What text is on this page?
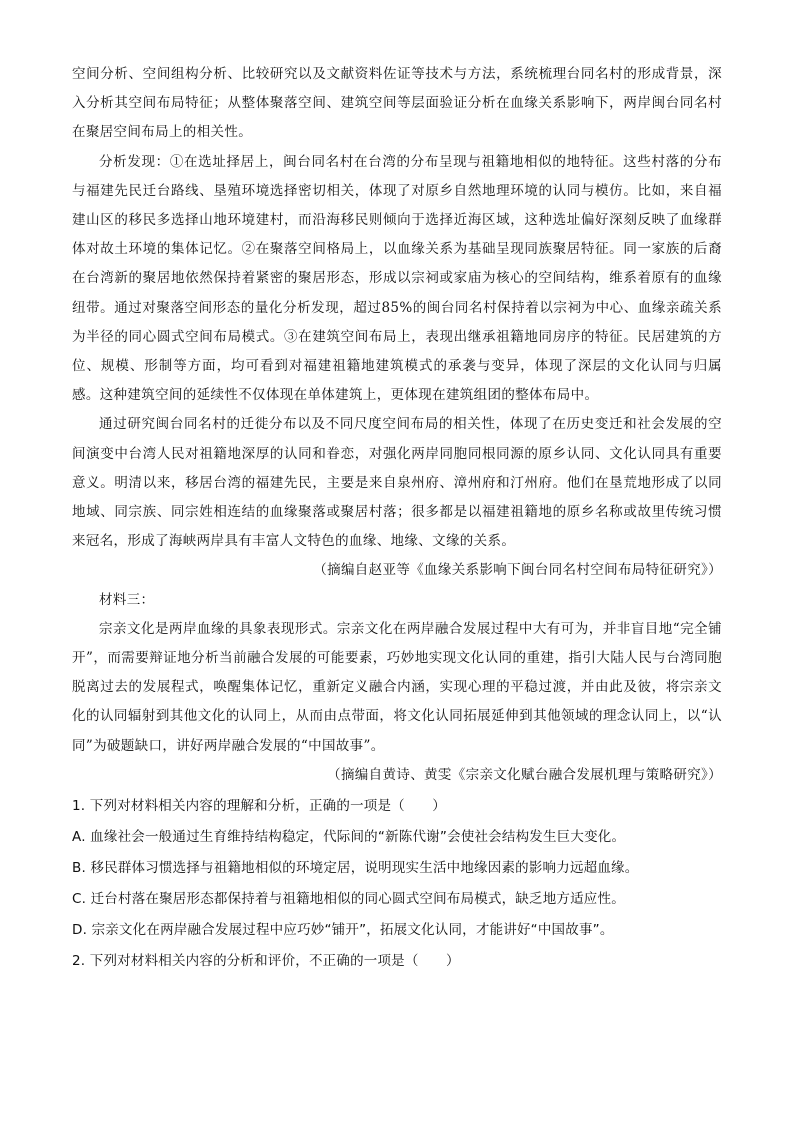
空间分析、空间组构分析、比较研究以及文献资料佐证等技术与方法，系统梳理台同名村的形成背景，深入分析其空间布局特征；从整体聚落空间、建筑空间等层面验证分析在血缘关系影响下，两岸闽台同名村在聚居空间布局上的相关性。

分析发现：①在选址择居上，闽台同名村在台湾的分布呈现与祖籍地相似的地特征。这些村落的分布与福建先民迁台路线、垦殖环境选择密切相关，体现了对原乡自然地理环境的认同与模仿。比如，来自福建山区的移民多选择山地环境建村，而沿海移民则倾向于选择近海区域，这种选址偏好深刻反映了血缘群体对故土环境的集体记忆。②在聚落空间格局上，以血缘关系为基础呈现同族聚居特征。同一家族的后裔在台湾新的聚居地依然保持着紧密的聚居形态，形成以宗祠或家庙为核心的空间结构，维系着原有的血缘纽带。通过对聚落空间形态的量化分析发现，超过85%的闽台同名村保持着以宗祠为中心、血缘亲疏关系为半径的同心圆式空间布局模式。③在建筑空间布局上，表现出继承祖籍地同房序的特征。民居建筑的方位、规模、形制等方面，均可看到对福建祖籍地建筑模式的承袭与变异，体现了深层的文化认同与归属感。这种建筑空间的延续性不仅体现在单体建筑上，更体现在建筑组团的整体布局中。

通过研究闽台同名村的迁徙分布以及不同尺度空间布局的相关性，体现了在历史变迁和社会发展的空间演变中台湾人民对祖籍地深厚的认同和眷恋，对强化两岸同胞同根同源的原乡认同、文化认同具有重要意义。明清以来，移居台湾的福建先民，主要是来自泉州府、漳州府和汀州府。他们在垦荒地形成了以同地域、同宗族、同宗姓相连结的血缘聚落或聚居村落；很多都是以福建祖籍地的原乡名称或故里传统习惯来冠名，形成了海峡两岸具有丰富人文特色的血缘、地缘、文缘的关系。

（摘编自赵亚等《血缘关系影响下闽台同名村空间布局特征研究》）

材料三：

宗亲文化是两岸血缘的具象表现形式。宗亲文化在两岸融合发展过程中大有可为，并非盲目地“完全铺开”，而需要辩证地分析当前融合发展的可能要素，巧妙地实现文化认同的重建，指引大陆人民与台湾同胞脱离过去的发展程式，唤醒集体记忆，重新定义融合内涵，实现心理的平稳过渡，并由此及彼，将宗亲文化的认同辐射到其他文化的认同上，从而由点带面，将文化认同拓展延伸到其他领域的理念认同上，以“认同”为破题缺口，讲好两岸融合发展的“中国故事”。

（摘编自黄诗、黄雯《宗亲文化赋台融合发展机理与策略研究》）

1. 下列对材料相关内容的理解和分析，正确的一项是（　　）

A. 血缘社会一般通过生育维持结构稳定，代际间的“新陈代谢”会使社会结构发生巨大变化。

B. 移民群体习惯选择与祖籍地相似的环境定居，说明现实生活中地缘因素的影响力远超血缘。

C. 迁台村落在聚居形态都保持着与祖籍地相似的同心圆式空间布局模式，缺乏地方适应性。

D. 宗亲文化在两岸融合发展过程中应巧妙“铺开”，拓展文化认同，才能讲好“中国故事”。

2. 下列对材料相关内容的分析和评价，不正确的一项是（　　）
